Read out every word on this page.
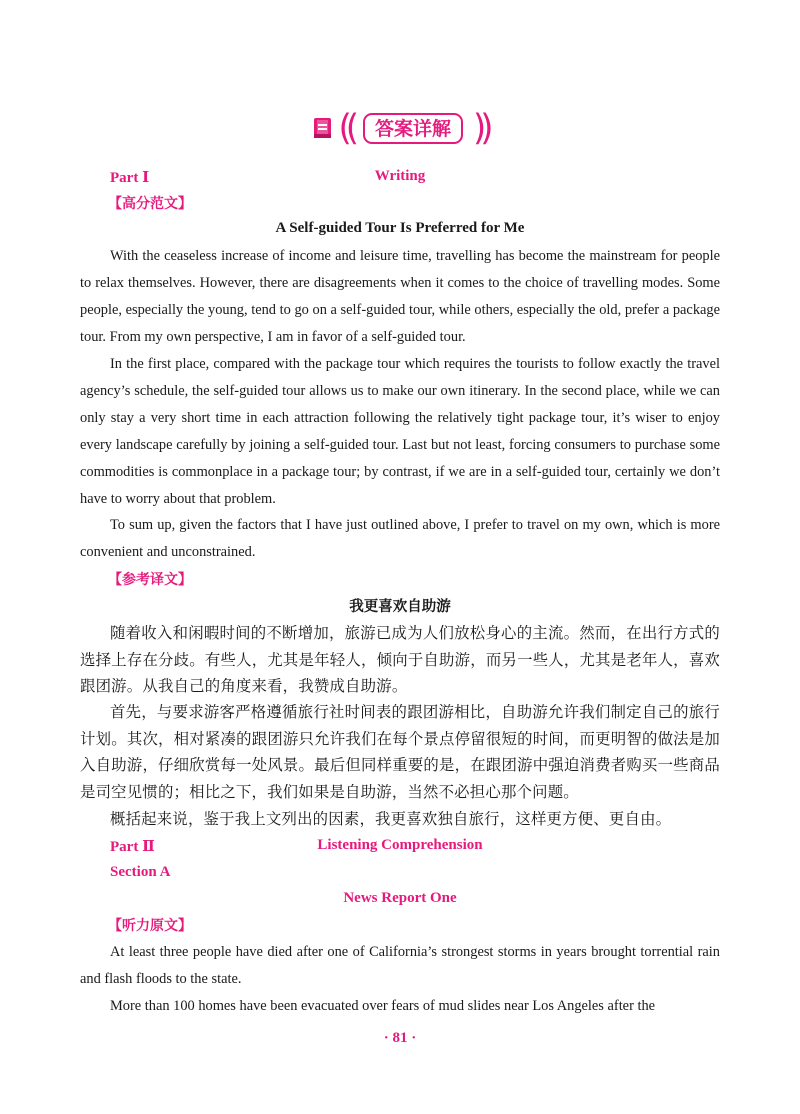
((	答案详解 ))
Part Ⅰ	Writing
【高分范文】
A Self-guided Tour Is Preferred for Me

With the ceaseless increase of income and leisure time, travelling has become the mainstream for people to relax themselves. However, there are disagreements when it comes to the choice of travelling modes. Some people, especially the young, tend to go on a self-guided tour, while others, especially the old, prefer a package tour. From my own perspective, I am in favor of a self-guided tour.

In the first place, compared with the package tour which requires the tourists to follow exactly the travel agency’s schedule, the self-guided tour allows us to make our own itinerary. In the second place, while we can only stay a very short time in each attraction following the relatively tight package tour, it’s wiser to enjoy every landscape carefully by joining a self-guided tour. Last but not least, forcing consumers to purchase some commodities is commonplace in a package tour; by contrast, if we are in a self-guided tour, certainly we don’t have to worry about that problem.

To sum up, given the factors that I have just outlined above, I prefer to travel on my own, which is more convenient and unconstrained.

【参考译文】
我更喜欢自助游

随着收入和闲暇时间的不断增加，旅游已成为人们放松身心的主流。然而，在出行方式的选择上存在分歧。有些人，尤其是年轻人，倾向于自助游，而另一些人，尤其是老年人，喜欢跟团游。从我自己的角度来看，我赞成自助游。

首先，与要求游客严格遵循旅行社时间表的跟团游相比，自助游允许我们制定自己的旅行计划。其次，相对紧凑的跟团游只允许我们在每个景点停留很短的时间，而更明智的做法是加入自助游，仔细欣赏每一处风景。最后但同样重要的是，在跟团游中强迫消费者购买一些商品是司空见惯的；相比之下，我们如果是自助游，当然不必担心那个问题。

概括起来说，鉴于我上文列出的因素，我更喜欢独自旅行，这样更方便、更自由。

Part Ⅱ	Listening Comprehension
Section A
News Report One
【听力原文】

At least three people have died after one of California’s strongest storms in years brought torrential rain and flash floods to the state.

More than 100 homes have been evacuated over fears of mud slides near Los Angeles after the

· 81 ·
